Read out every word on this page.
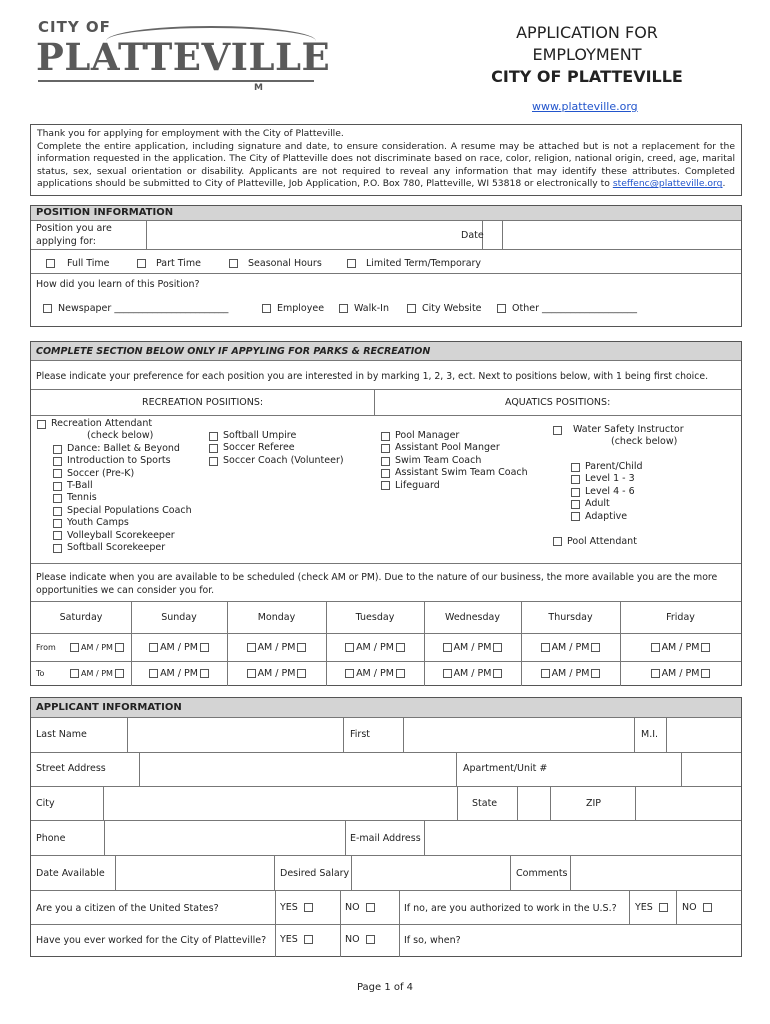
CITY OF
PLATTEVILLE
M
APPLICATION FOR
EMPLOYMENT
CITY OF PLATTEVILLE
www.platteville.org
Thank you for applying for employment with the City of Platteville.
Complete the entire application, including signature and date, to ensure consideration. A resume may be attached but is not a replacement for the information requested in the application. The City of Platteville does not discriminate based on race, color, religion, national origin, creed, age, marital status, sex, sexual orientation or disability. Applicants are not required to reveal any information that may identify these attributes. Completed applications should be submitted to City of Platteville, Job Application, P.O. Box 780, Platteville, WI 53818 or electronically to steffenc@platteville.org.
POSITION INFORMATION
Position you are
applying for:	Date
Full Time	Part Time	Seasonal Hours	Limited Term/Temporary
How did you learn of this Position?
Newspaper ________________________	Employee	Walk-In	City Website	Other ____________________
COMPLETE SECTION BELOW ONLY IF APPYLING FOR PARKS & RECREATION
Please indicate your preference for each position you are interested in by marking 1, 2, 3, ect. Next to positions below, with 1 being first choice.
RECREATION POSIITIONS:	AQUATICS POSITIONS:
Recreation Attendant
(check below)
Dance: Ballet & Beyond
Introduction to Sports
Soccer (Pre-K)
T-Ball
Tennis
Special Populations Coach
Youth Camps
Volleyball Scorekeeper
Softball Scorekeeper
Softball Umpire
Soccer Referee
Soccer Coach (Volunteer)
Pool Manager
Assistant Pool Manger
Swim Team Coach
Assistant Swim Team Coach
Lifeguard
Water Safety Instructor
(check below)
Parent/Child
Level 1 - 3
Level 4 - 6
Adult
Adaptive
Pool Attendant
Please indicate when you are available to be scheduled (check AM or PM). Due to the nature of our business, the more available you are the more
opportunities we can consider you for.
Saturday	Sunday	Monday	Tuesday	Wednesday	Thursday	Friday
From	AM / PM	AM / PM	AM / PM	AM / PM	AM / PM	AM / PM	AM / PM
To	AM / PM	AM / PM	AM / PM	AM / PM	AM / PM	AM / PM	AM / PM
APPLICANT INFORMATION
Last Name	First	M.I.
Street Address	Apartment/Unit #
City	State	ZIP
Phone	E-mail Address
Date Available	Desired Salary	Comments
Are you a citizen of the United States?	YES	NO	If no, are you authorized to work in the U.S.? YES	NO
Have you ever worked for the City of Platteville? YES	NO	If so, when?
Page 1 of 4
